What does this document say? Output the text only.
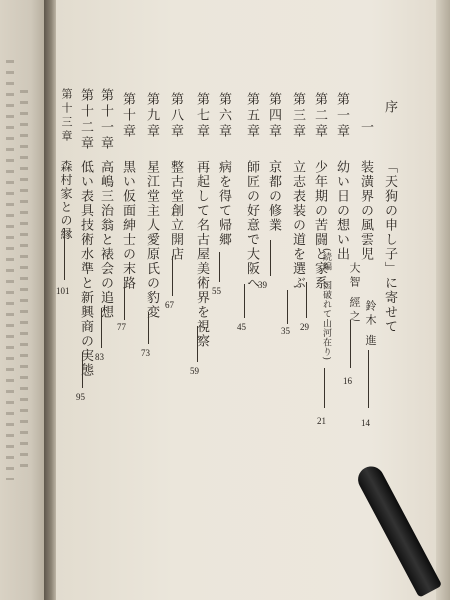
序
「天狗の申し子」に寄せて
鈴木 進
14
一
装潢界の風雲児
大智 經之
16
第一章
幼い日の想い出
(続編　国破れて山河在り)
21
第二章
少年期の苦闘と家系
29
第三章
立志表装の道を選ぶ
35
第四章
京都の修業
39
第五章
師匠の好意で大阪へ
45
第六章
病を得て帰郷
55
第七章
再起して名古屋美術界を視察
59
第八章
整古堂創立開店
67
第九章
星江堂主人愛原氏の豹変
73
第十章
黒い仮面紳士の末路
77
第十一章
高嶋三治翁と裱会の追想
83
第十二章
低い表具技術水準と新興商の実態
95
第十三章
森村家との縁
101
